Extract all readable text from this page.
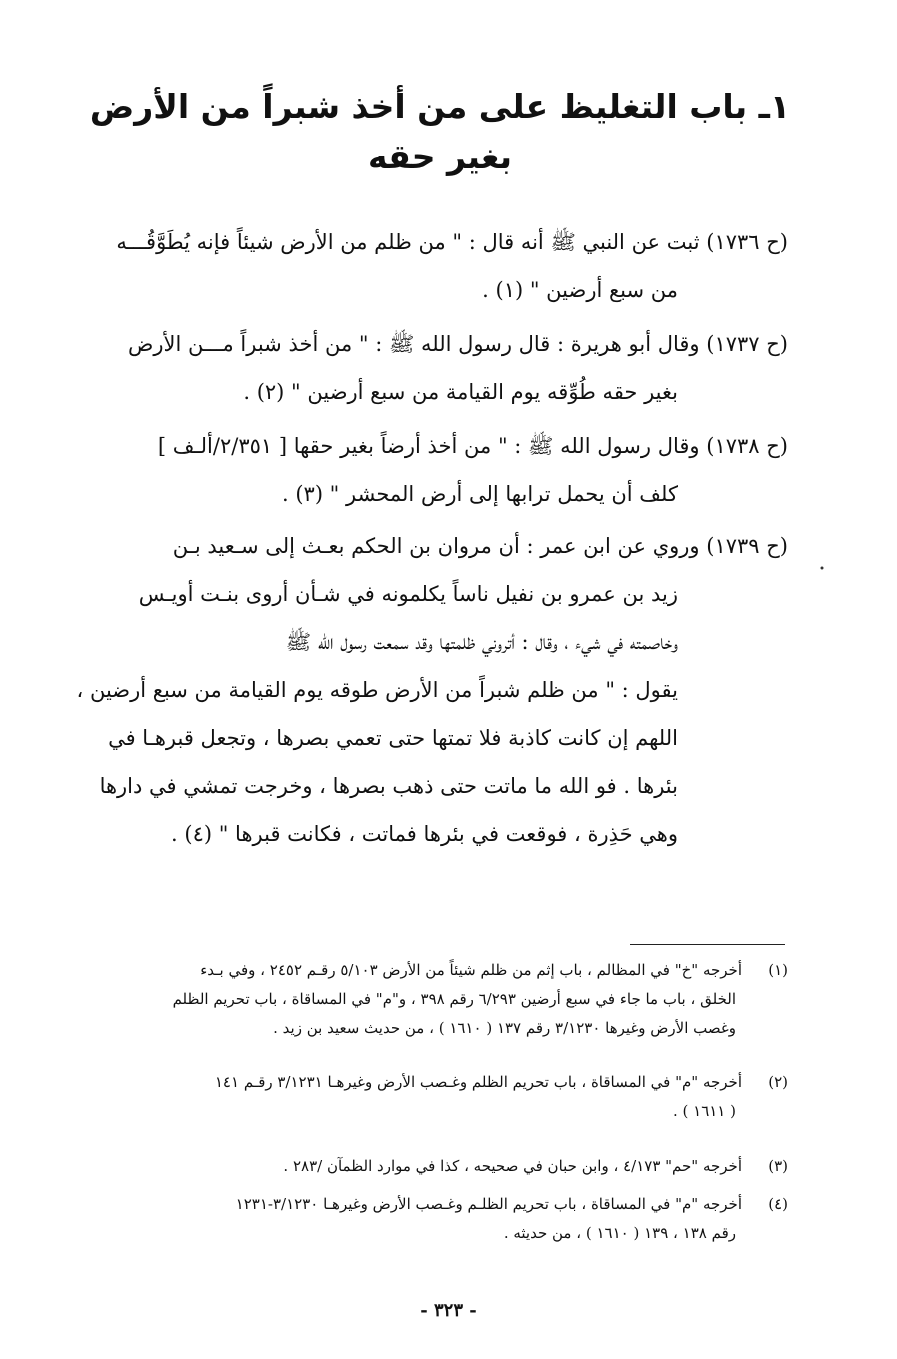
١ـ باب التغليظ على من أخذ شبراً من الأرض بغير حقه
(ح ١٧٣٦) ثبت عن النبي ﷺ أنه قال : " من ظلم من الأرض شيئاً فإنه يُطَوَّقُـــه
من سبع أرضين " (١) .
(ح ١٧٣٧) وقال أبو هريرة : قال رسول الله ﷺ : " من أخذ شبراً مـــن الأرض
بغير حقه طُوِّقه يوم القيامة من سبع أرضين " (٢) .
(ح ١٧٣٨) وقال رسول الله ﷺ : " من أخذ أرضاً بغير حقها [ ٢/٣٥١/ألـف ]
كلف أن يحمل ترابها إلى أرض المحشر " (٣) .
(ح ١٧٣٩) وروي عن ابن عمر : أن مروان بن الحكم بعـث إلى سـعيد بـن
زيد بن عمرو بن نفيل ناساً يكلمونه في شـأن أروى بنـت أويـس
وخاصمته في شيء ، وقال : أتروني ظلمتها وقد سمعت رسول الله ﷺ
يقول : " من ظلم شبراً من الأرض طوقه يوم القيامة من سبع أرضين ،
اللهم إن كانت كاذبة فلا تمتها حتى تعمي بصرها ، وتجعل قبرهـا في
بئرها . فو الله ما ماتت حتى ذهب بصرها ، وخرجت تمشي في دارها
وهي حَذِرة ، فوقعت في بئرها فماتت ، فكانت قبرها " (٤) .
(١)أخرجه "خ" في المظالم ، باب إثم من ظلم شيئاً من الأرض ٥/١٠٣ رقـم ٢٤٥٢ ، وفي بـدء
الخلق ، باب ما جاء في سبع أرضين ٦/٢٩٣ رقم ٣٩٨ ، و"م" في المساقاة ، باب تحريم الظلم
وغصب الأرض وغيرها ٣/١٢٣٠ رقم ١٣٧ ( ١٦١٠ ) ، من حديث سعيد بن زيد .
(٢)أخرجه "م" في المساقاة ، باب تحريم الظلم وغـصب الأرض وغيرهـا ٣/١٢٣١ رقـم ١٤١
( ١٦١١ ) .
(٣)أخرجه "حم" ٤/١٧٣ ، وابن حبان في صحيحه ، كذا في موارد الظمآن /٢٨٣ .
(٤)أخرجه "م" في المساقاة ، باب تحريم الظلـم وغـصب الأرض وغيرهـا ٣/١٢٣٠-١٢٣١
رقم ١٣٨ ، ١٣٩ ( ١٦١٠ ) ، من حديثه .
- ٣٢٣ -
